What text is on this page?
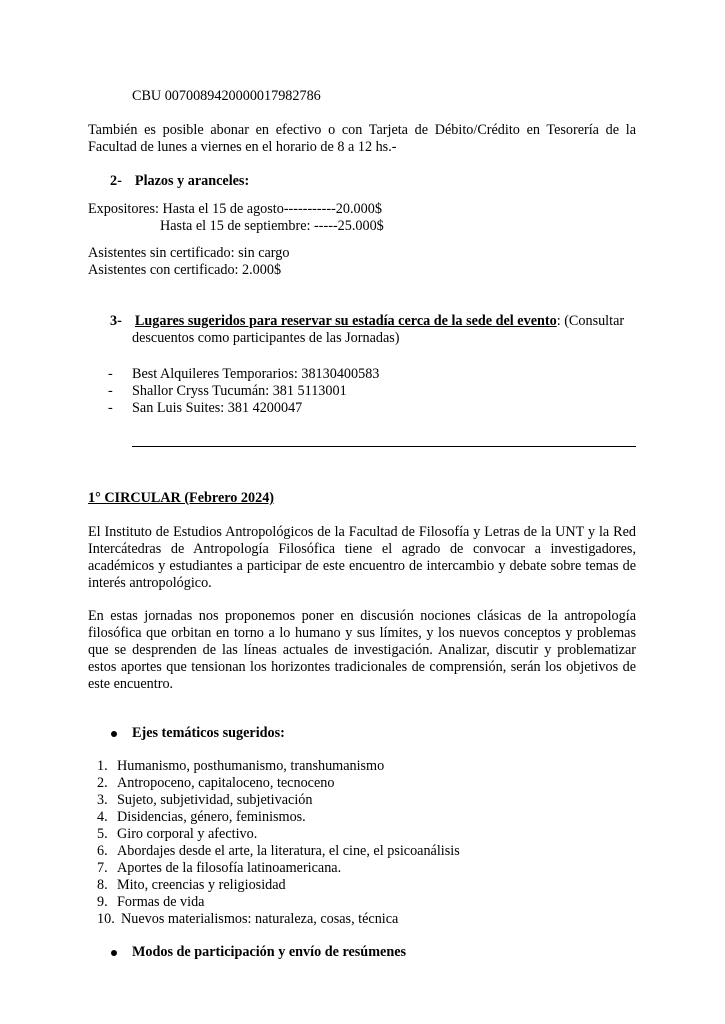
CBU 0070089420000017982786
También es posible abonar en efectivo o con Tarjeta de Débito/Crédito en Tesorería de la Facultad de lunes a viernes en el horario de 8 a 12 hs.-
2- Plazos y aranceles:
Expositores: Hasta el 15 de agosto-----------20.000$
Hasta el 15 de septiembre: -----25.000$
Asistentes sin certificado: sin cargo
Asistentes con certificado: 2.000$
3- Lugares sugeridos para reservar su estadía cerca de la sede del evento: (Consultar
descuentos como participantes de las Jornadas)
- Best Alquileres Temporarios: 38130400583
- Shallor Cryss Tucumán: 381 5113001
- San Luis Suites: 381 4200047
1° CIRCULAR (Febrero 2024)
El Instituto de Estudios Antropológicos de la Facultad de Filosofía y Letras de la UNT y la Red Intercátedras de Antropología Filosófica tiene el agrado de convocar a investigadores, académicos y estudiantes a participar de este encuentro de intercambio y debate sobre temas de interés antropológico.
En estas jornadas nos proponemos poner en discusión nociones clásicas de la antropología filosófica que orbitan en torno a lo humano y sus límites, y los nuevos conceptos y problemas que se desprenden de las líneas actuales de investigación. Analizar, discutir y problematizar estos aportes que tensionan los horizontes tradicionales de comprensión, serán los objetivos de este encuentro.
Ejes temáticos sugeridos:
1. Humanismo, posthumanismo, transhumanismo
2. Antropoceno, capitaloceno, tecnoceno
3. Sujeto, subjetividad, subjetivación
4. Disidencias, género, feminismos.
5. Giro corporal y afectivo.
6. Abordajes desde el arte, la literatura, el cine, el psicoanálisis
7. Aportes de la filosofía latinoamericana.
8. Mito, creencias y religiosidad
9. Formas de vida
10. Nuevos materialismos: naturaleza, cosas, técnica
Modos de participación y envío de resúmenes
